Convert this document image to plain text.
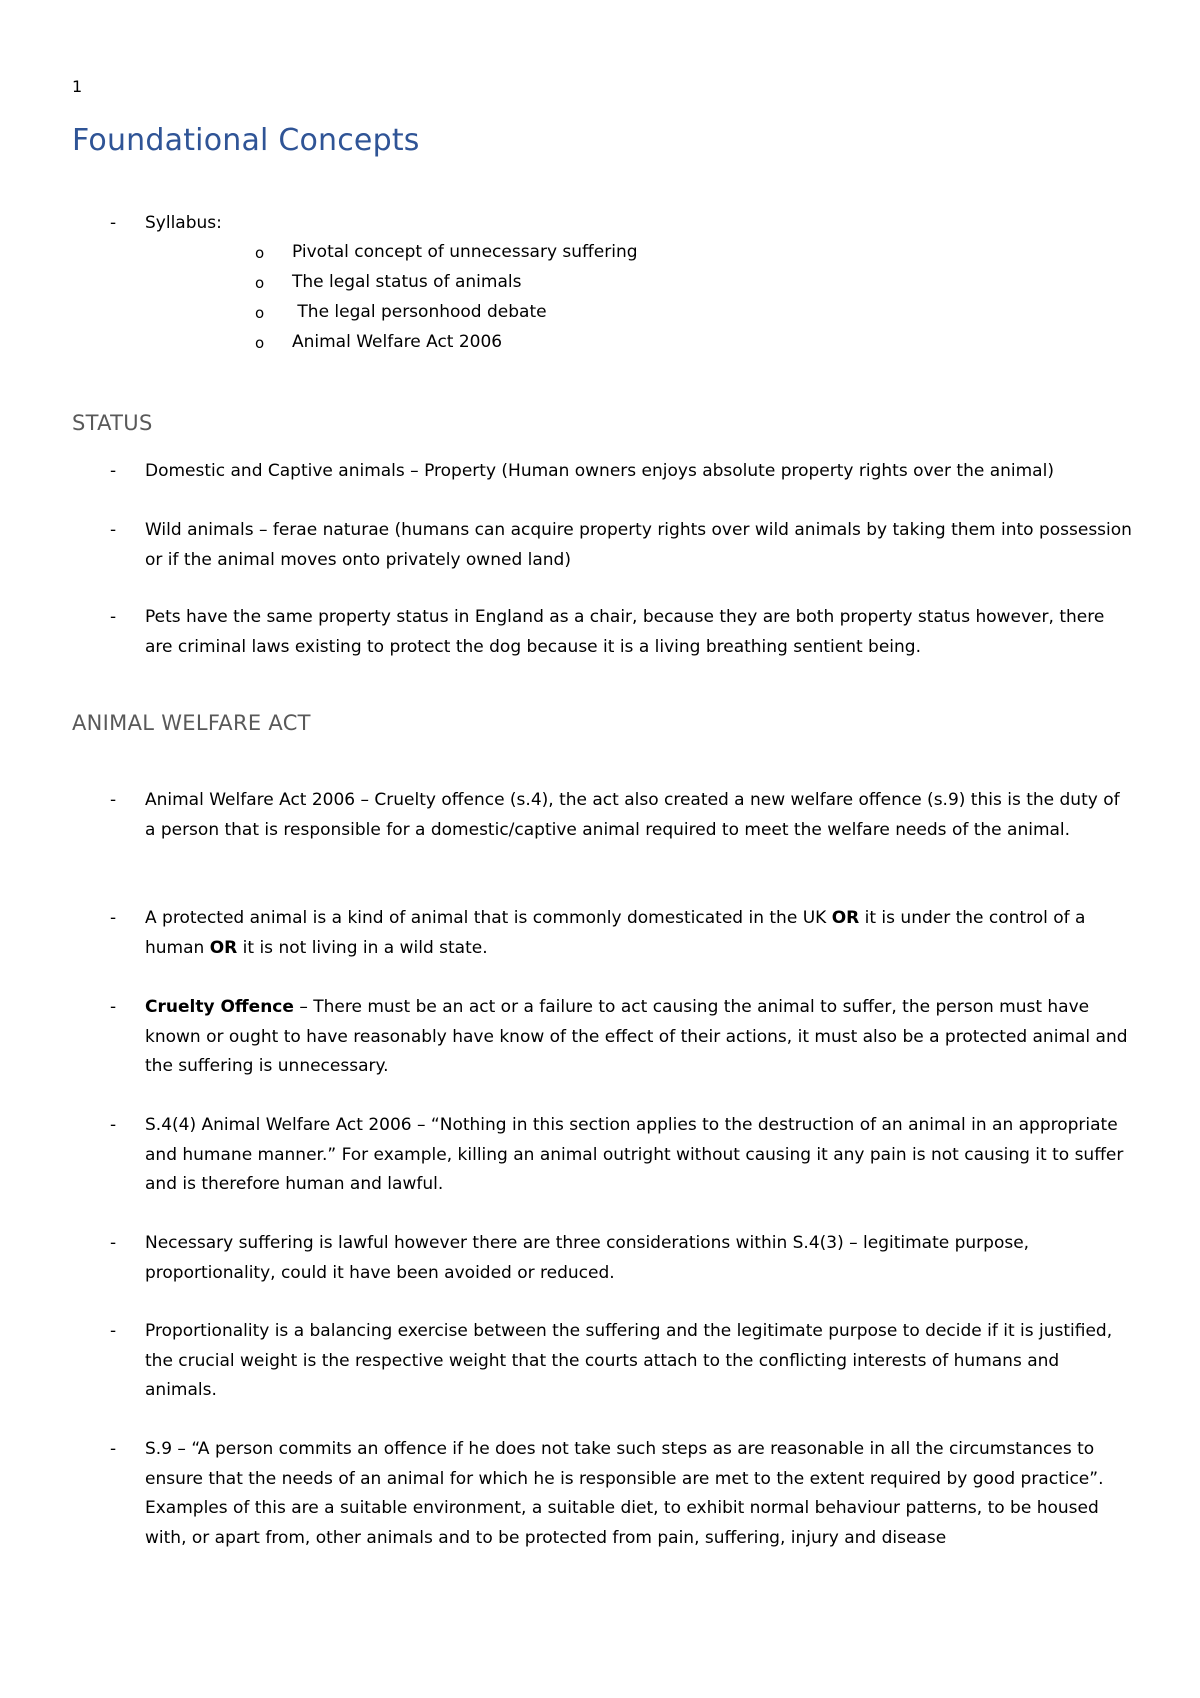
1
Foundational Concepts
- Syllabus:
o Pivotal concept of unnecessary suffering
o The legal status of animals
o The legal personhood debate
o Animal Welfare Act 2006
STATUS
- Domestic and Captive animals – Property (Human owners enjoys absolute property rights over the animal)
- Wild animals – ferae naturae (humans can acquire property rights over wild animals by taking them into possession or if the animal moves onto privately owned land)
- Pets have the same property status in England as a chair, because they are both property status however, there are criminal laws existing to protect the dog because it is a living breathing sentient being.
ANIMAL WELFARE ACT
- Animal Welfare Act 2006 – Cruelty offence (s.4), the act also created a new welfare offence (s.9) this is the duty of a person that is responsible for a domestic/captive animal required to meet the welfare needs of the animal.
- A protected animal is a kind of animal that is commonly domesticated in the UK OR it is under the control of a human OR it is not living in a wild state.
- Cruelty Offence – There must be an act or a failure to act causing the animal to suffer, the person must have known or ought to have reasonably have know of the effect of their actions, it must also be a protected animal and the suffering is unnecessary.
- S.4(4) Animal Welfare Act 2006 – “Nothing in this section applies to the destruction of an animal in an appropriate and humane manner.” For example, killing an animal outright without causing it any pain is not causing it to suffer and is therefore human and lawful.
- Necessary suffering is lawful however there are three considerations within S.4(3) – legitimate purpose, proportionality, could it have been avoided or reduced.
- Proportionality is a balancing exercise between the suffering and the legitimate purpose to decide if it is justified, the crucial weight is the respective weight that the courts attach to the conflicting interests of humans and animals.
- S.9 – “A person commits an offence if he does not take such steps as are reasonable in all the circumstances to ensure that the needs of an animal for which he is responsible are met to the extent required by good practice”. Examples of this are a suitable environment, a suitable diet, to exhibit normal behaviour patterns, to be housed with, or apart from, other animals and to be protected from pain, suffering, injury and disease
